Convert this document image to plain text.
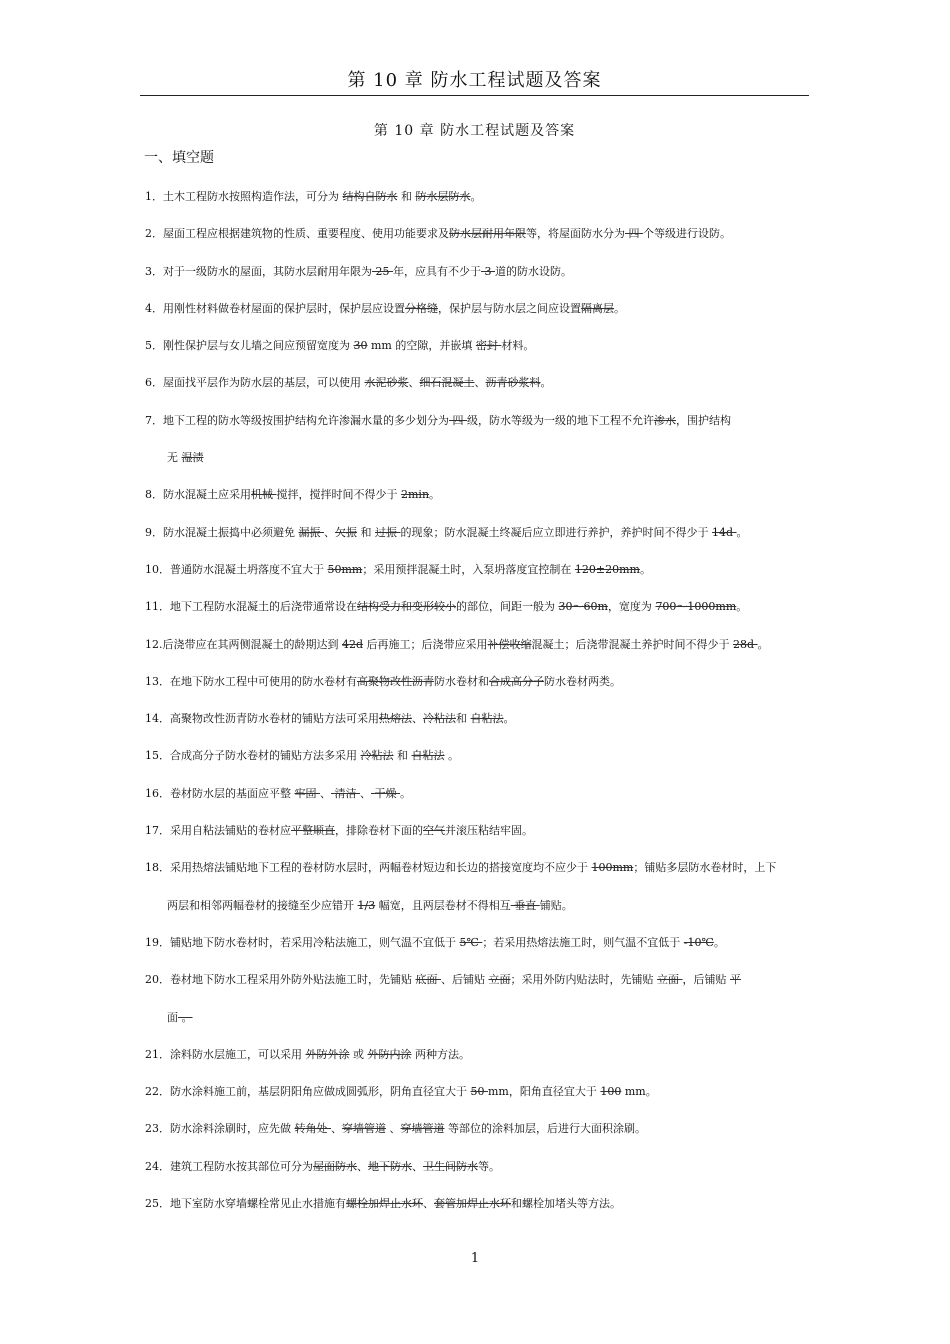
第 10 章 防水工程试题及答案
第 10 章 防水工程试题及答案
一、填空题
1．土木工程防水按照构造作法，可分为 结构自防水 和 防水层防水。
2．屋面工程应根据建筑物的性质、重要程度、使用功能要求及防水层耐用年限等，将屋面防水分为 四 个等级进行设防。
3．对于一级防水的屋面，其防水层耐用年限为 25 年，应具有不少于 3 道的防水设防。
4．用刚性材料做卷材屋面的保护层时，保护层应设置分格缝，保护层与防水层之间应设置隔离层。
5．刚性保护层与女儿墙之间应预留宽度为 30 mm 的空隙，并嵌填 密封 材料。
6．屋面找平层作为防水层的基层，可以使用 水泥砂浆、细石混凝土、沥青砂浆料。
7．地下工程的防水等级按围护结构允许渗漏水量的多少划分为 四 级，防水等级为一级的地下工程不允许渗水，围护结构
无 湿渍
8．防水混凝土应采用机械 搅拌，搅拌时间不得少于 2min。
9．防水混凝土振捣中必须避免 漏振 、欠振 和 过振 的现象；防水混凝土终凝后应立即进行养护，养护时间不得少于 14d 。
10．普通防水混凝土坍落度不宜大于 50mm；采用预拌混凝土时，入泵坍落度宜控制在 120±20mm。
11．地下工程防水混凝土的后浇带通常设在结构受力和变形较小的部位，间距一般为 30～60m，宽度为 700～1000mm。
12.后浇带应在其两侧混凝土的龄期达到 42d 后再施工；后浇带应采用补偿收缩混凝土；后浇带混凝土养护时间不得少于 28d 。
13．在地下防水工程中可使用的防水卷材有高聚物改性沥青防水卷材和合成高分子防水卷材两类。
14．高聚物改性沥青防水卷材的铺贴方法可采用热熔法、冷粘法和 自粘法。
15．合成高分子防水卷材的铺贴方法多采用 冷粘法 和 自粘法 。
16．卷材防水层的基面应平整 牢固 、 清洁 、 干燥 。
17．采用自粘法铺贴的卷材应平整顺直，排除卷材下面的空气并滚压粘结牢固。
18．采用热熔法铺贴地下工程的卷材防水层时，两幅卷材短边和长边的搭接宽度均不应少于 100mm；铺贴多层防水卷材时，上下
两层和相邻两幅卷材的接缝至少应错开 1/3 幅宽，且两层卷材不得相互 垂直 铺贴。
19．铺贴地下防水卷材时，若采用冷粘法施工，则气温不宜低于 5℃ ；若采用热熔法施工时，则气温不宜低于 -10℃。
20．卷材地下防水工程采用外防外贴法施工时，先铺贴 底面 、后铺贴 立面；采用外防内贴法时，先铺贴 立面 ，后铺贴 平
面 。
21．涂料防水层施工，可以采用 外防外涂 或 外防内涂 两种方法。
22．防水涂料施工前，基层阴阳角应做成圆弧形，阴角直径宜大于 50 mm，阳角直径宜大于 100 mm。
23．防水涂料涂刷时，应先做 转角处 、穿墙管道 、穿墙管道 等部位的涂料加层，后进行大面积涂刷。
24．建筑工程防水按其部位可分为屋面防水、地下防水、卫生间防水等。
25．地下室防水穿墙螺栓常见止水措施有螺栓加焊止水环、套管加焊止水环和螺栓加堵头等方法。
1
